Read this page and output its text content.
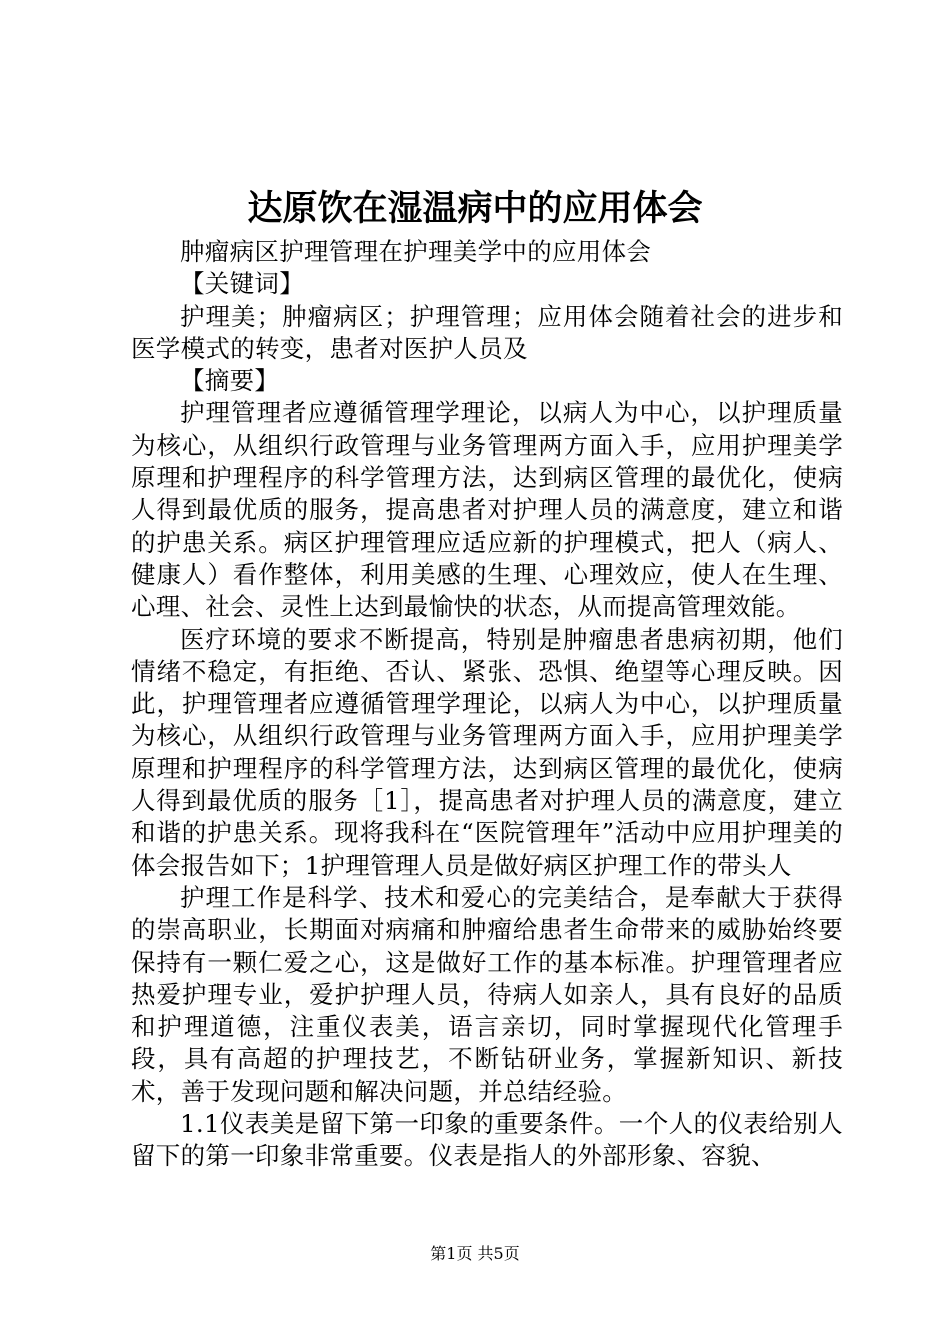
达原饮在湿温病中的应用体会

肿瘤病区护理管理在护理美学中的应用体会

【关键词】

护理美；肿瘤病区；护理管理；应用体会随着社会的进步和医学模式的转变，患者对医护人员及

【摘要】

护理管理者应遵循管理学理论，以病人为中心，以护理质量为核心，从组织行政管理与业务管理两方面入手，应用护理美学原理和护理程序的科学管理方法，达到病区管理的最优化，使病人得到最优质的服务，提高患者对护理人员的满意度，建立和谐的护患关系。病区护理管理应适应新的护理模式，把人（病人、健康人）看作整体，利用美感的生理、心理效应，使人在生理、心理、社会、灵性上达到最愉快的状态，从而提高管理效能。

医疗环境的要求不断提高，特别是肿瘤患者患病初期，他们情绪不稳定，有拒绝、否认、紧张、恐惧、绝望等心理反映。因此，护理管理者应遵循管理学理论，以病人为中心，以护理质量为核心，从组织行政管理与业务管理两方面入手，应用护理美学原理和护理程序的科学管理方法，达到病区管理的最优化，使病人得到最优质的服务［1］，提高患者对护理人员的满意度，建立和谐的护患关系。现将我科在“医院管理年”活动中应用护理美的体会报告如下；1护理管理人员是做好病区护理工作的带头人

护理工作是科学、技术和爱心的完美结合，是奉献大于获得的崇高职业，长期面对病痛和肿瘤给患者生命带来的威胁始终要保持有一颗仁爱之心，这是做好工作的基本标准。护理管理者应热爱护理专业，爱护护理人员，待病人如亲人，具有良好的品质和护理道德，注重仪表美，语言亲切，同时掌握现代化管理手段，具有高超的护理技艺，不断钻研业务，掌握新知识、新技术，善于发现问题和解决问题，并总结经验。

1.1仪表美是留下第一印象的重要条件。一个人的仪表给别人留下的第一印象非常重要。仪表是指人的外部形象、容貌、

第1页 共5页
